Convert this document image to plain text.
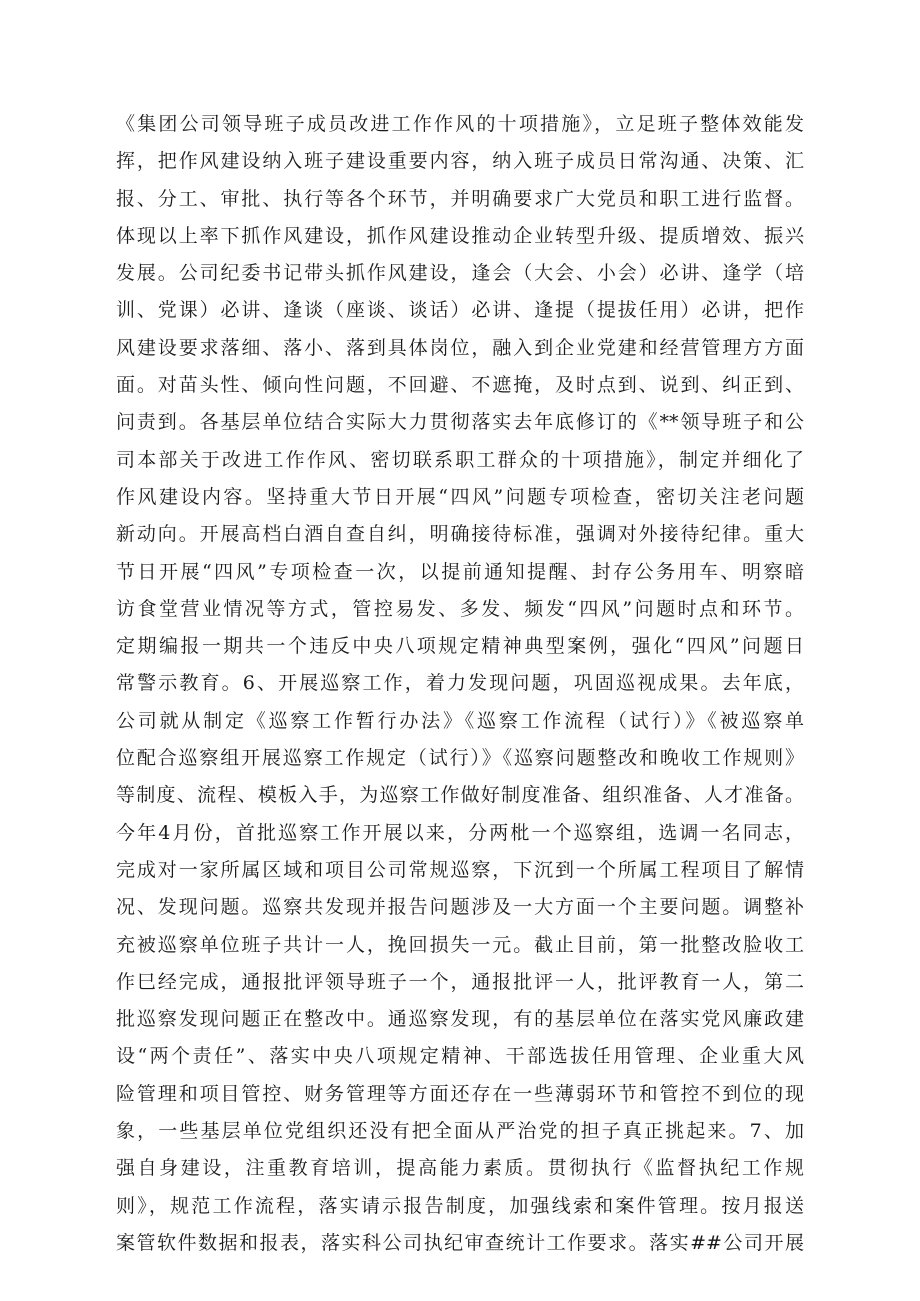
《集团公司领导班子成员改进工作作风的十项措施》，立足班子整体效能发
挥，把作风建设纳入班子建设重要内容，纳入班子成员日常沟通、决策、汇
报、分工、审批、执行等各个环节，并明确要求广大党员和职工进行监督。
体现以上率下抓作风建设，抓作风建设推动企业转型升级、提质增效、振兴
发展。公司纪委书记带头抓作风建设，逢会（大会、小会）必讲、逢学（培
训、党课）必讲、逢谈（座谈、谈话）必讲、逢提（提拔任用）必讲，把作
风建设要求落细、落小、落到具体岗位，融入到企业党建和经营管理方方面
面。对苗头性、倾向性问题，不回避、不遮掩，及时点到、说到、纠正到、
问责到。各基层单位结合实际大力贯彻落实去年底修订的《**领导班子和公
司本部关于改进工作作风、密切联系职工群众的十项措施》，制定并细化了
作风建设内容。坚持重大节日开展“四风”问题专项检查，密切关注老问题
新动向。开展高档白酒自查自纠，明确接待标准，强调对外接待纪律。重大
节日开展“四风”专项检查一次，以提前通知提醒、封存公务用车、明察暗
访食堂营业情况等方式，管控易发、多发、频发“四风”问题时点和环节。
定期编报一期共一个违反中央八项规定精神典型案例，强化“四风”问题日
常警示教育。6、开展巡察工作，着力发现问题，巩固巡视成果。去年底，
公司就从制定《巡察工作暂行办法》《巡察工作流程（试行）》《被巡察单
位配合巡察组开展巡察工作规定（试行）》《巡察问题整改和晚收工作规则》
等制度、流程、模板入手，为巡察工作做好制度准备、组织准备、人才准备。
今年4月份，首批巡察工作开展以来，分两枇一个巡察组，选调一名同志，
完成对一家所属区域和项目公司常规巡察，下沉到一个所属工程项目了解情
况、发现问题。巡察共发现并报告问题涉及一大方面一个主要问题。调整补
充被巡察单位班子共计一人，挽回损失一元。截止目前，第一批整改脸收工
作巳经完成，通报批评领导班子一个，通报批评一人，批评教育一人，第二
批巡察发现问题正在整改中。通巡察发现，有的基层单位在落实党风廉政建
设“两个责任”、落实中央八项规定精神、干部选拔任用管理、企业重大风
险管理和项目管控、财务管理等方面还存在一些薄弱环节和管控不到位的现
象，一些基层单位党组织还没有把全面从严治党的担子真正挑起来。7、加
强自身建设，注重教育培训，提高能力素质。贯彻执行《监督执纪工作规
则》，规范工作流程，落实请示报告制度，加强线索和案件管理。按月报送
案管软件数据和报表，落实科公司执纪审查统计工作要求。落实##公司开展
